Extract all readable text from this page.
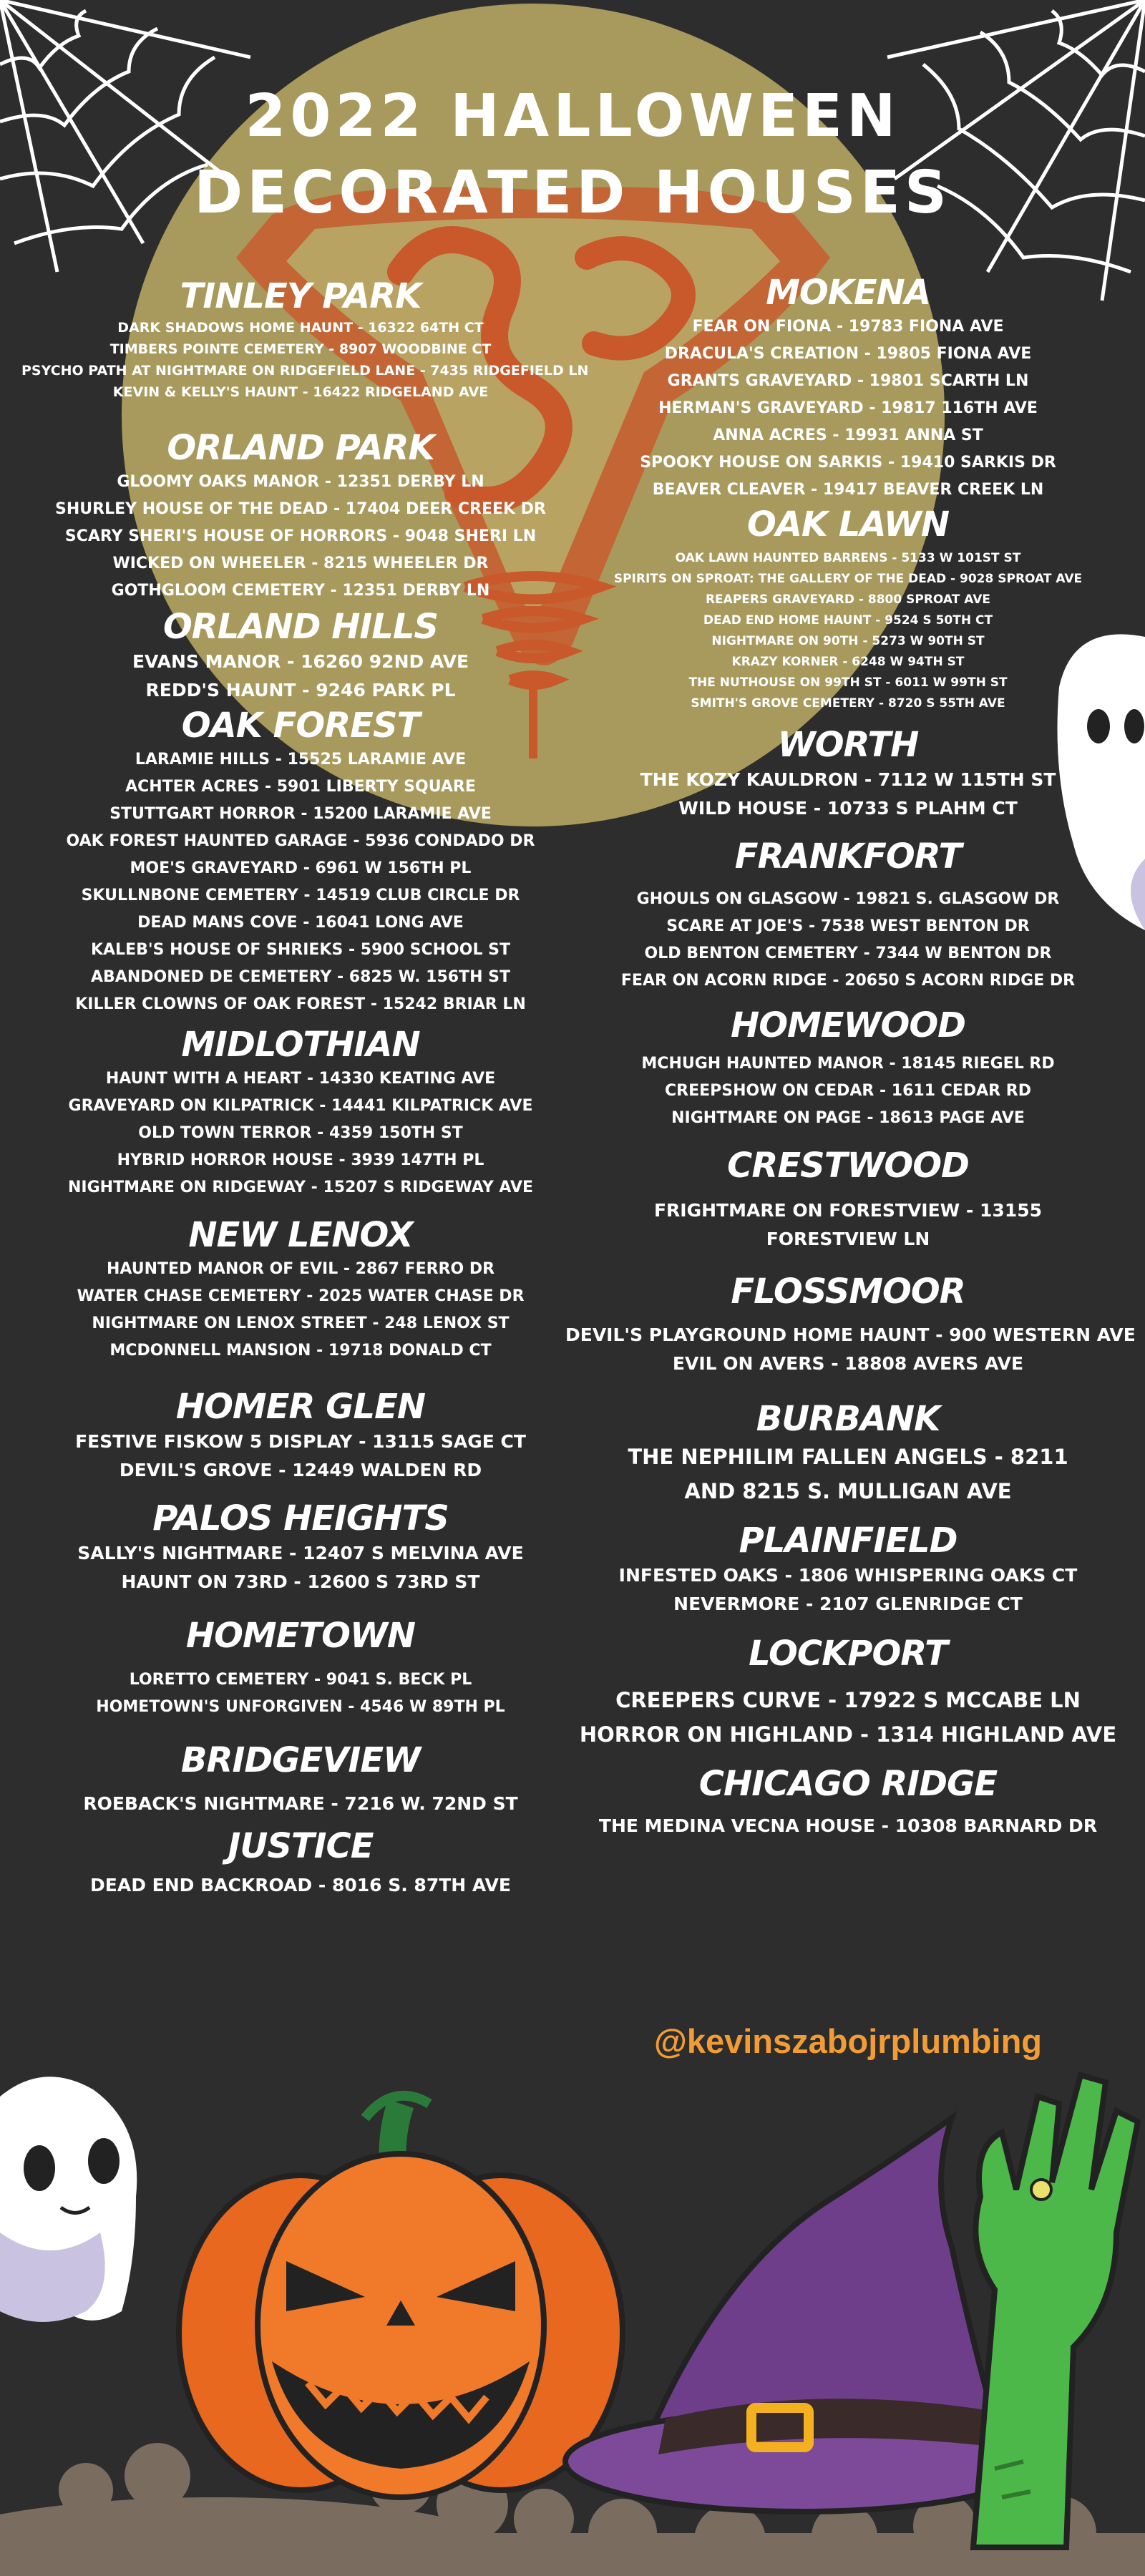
2022 HALLOWEEN
DECORATED HOUSES
TINLEY PARK
DARK SHADOWS HOME HAUNT - 16322 64TH CT
TIMBERS POINTE CEMETERY - 8907 WOODBINE CT
PSYCHO PATH AT NIGHTMARE ON RIDGEFIELD LANE - 7435 RIDGEFIELD LN
KEVIN & KELLY'S HAUNT - 16422 RIDGELAND AVE
ORLAND PARK
GLOOMY OAKS MANOR - 12351 DERBY LN
SHURLEY HOUSE OF THE DEAD - 17404 DEER CREEK DR
SCARY SHERI'S HOUSE OF HORRORS - 9048 SHERI LN
WICKED ON WHEELER - 8215 WHEELER DR
GOTHGLOOM CEMETERY - 12351 DERBY LN
ORLAND HILLS
EVANS MANOR - 16260 92ND AVE
REDD'S HAUNT - 9246 PARK PL
OAK FOREST
LARAMIE HILLS - 15525 LARAMIE AVE
ACHTER ACRES - 5901 LIBERTY SQUARE
STUTTGART HORROR - 15200 LARAMIE AVE
OAK FOREST HAUNTED GARAGE - 5936 CONDADO DR
MOE'S GRAVEYARD - 6961 W 156TH PL
SKULLNBONE CEMETERY - 14519 CLUB CIRCLE DR
DEAD MANS COVE - 16041 LONG AVE
KALEB'S HOUSE OF SHRIEKS - 5900 SCHOOL ST
ABANDONED DE CEMETERY - 6825 W. 156TH ST
KILLER CLOWNS OF OAK FOREST - 15242 BRIAR LN
MIDLOTHIAN
HAUNT WITH A HEART - 14330 KEATING AVE
GRAVEYARD ON KILPATRICK - 14441 KILPATRICK AVE
OLD TOWN TERROR - 4359 150TH ST
HYBRID HORROR HOUSE - 3939 147TH PL
NIGHTMARE ON RIDGEWAY - 15207 S RIDGEWAY AVE
NEW LENOX
HAUNTED MANOR OF EVIL - 2867 FERRO DR
WATER CHASE CEMETERY - 2025 WATER CHASE DR
NIGHTMARE ON LENOX STREET - 248 LENOX ST
MCDONNELL MANSION - 19718 DONALD CT
HOMER GLEN
FESTIVE FISKOW 5 DISPLAY - 13115 SAGE CT
DEVIL'S GROVE - 12449 WALDEN RD
PALOS HEIGHTS
SALLY'S NIGHTMARE - 12407 S MELVINA AVE
HAUNT ON 73RD - 12600 S 73RD ST
HOMETOWN
LORETTO CEMETERY - 9041 S. BECK PL
HOMETOWN'S UNFORGIVEN - 4546 W 89TH PL
BRIDGEVIEW
ROEBACK'S NIGHTMARE - 7216 W. 72ND ST
JUSTICE
DEAD END BACKROAD - 8016 S. 87TH AVE
MOKENA
FEAR ON FIONA - 19783 FIONA AVE
DRACULA'S CREATION - 19805 FIONA AVE
GRANTS GRAVEYARD - 19801 SCARTH LN
HERMAN'S GRAVEYARD - 19817 116TH AVE
ANNA ACRES - 19931 ANNA ST
SPOOKY HOUSE ON SARKIS - 19410 SARKIS DR
BEAVER CLEAVER - 19417 BEAVER CREEK LN
OAK LAWN
OAK LAWN HAUNTED BARRENS - 5133 W 101ST ST
SPIRITS ON SPROAT: THE GALLERY OF THE DEAD - 9028 SPROAT AVE
REAPERS GRAVEYARD - 8800 SPROAT AVE
DEAD END HOME HAUNT - 9524 S 50TH CT
NIGHTMARE ON 90TH - 5273 W 90TH ST
KRAZY KORNER - 6248 W 94TH ST
THE NUTHOUSE ON 99TH ST - 6011 W 99TH ST
SMITH'S GROVE CEMETERY - 8720 S 55TH AVE
WORTH
THE KOZY KAULDRON - 7112 W 115TH ST
WILD HOUSE - 10733 S PLAHM CT
FRANKFORT
GHOULS ON GLASGOW - 19821 S. GLASGOW DR
SCARE AT JOE'S - 7538 WEST BENTON DR
OLD BENTON CEMETERY - 7344 W BENTON DR
FEAR ON ACORN RIDGE - 20650 S ACORN RIDGE DR
HOMEWOOD
MCHUGH HAUNTED MANOR - 18145 RIEGEL RD
CREEPSHOW ON CEDAR - 1611 CEDAR RD
NIGHTMARE ON PAGE - 18613 PAGE AVE
CRESTWOOD
FRIGHTMARE ON FORESTVIEW - 13155 FORESTVIEW LN
FLOSSMOOR
DEVIL'S PLAYGROUND HOME HAUNT - 900 WESTERN AVE
EVIL ON AVERS - 18808 AVERS AVE
BURBANK
THE NEPHILIM FALLEN ANGELS - 8211 AND 8215 S. MULLIGAN AVE
PLAINFIELD
INFESTED OAKS - 1806 WHISPERING OAKS CT
NEVERMORE - 2107 GLENRIDGE CT
LOCKPORT
CREEPERS CURVE - 17922 S MCCABE LN
HORROR ON HIGHLAND - 1314 HIGHLAND AVE
CHICAGO RIDGE
THE MEDINA VECNA HOUSE - 10308 BARNARD DR
@kevinszabojrplumbing
